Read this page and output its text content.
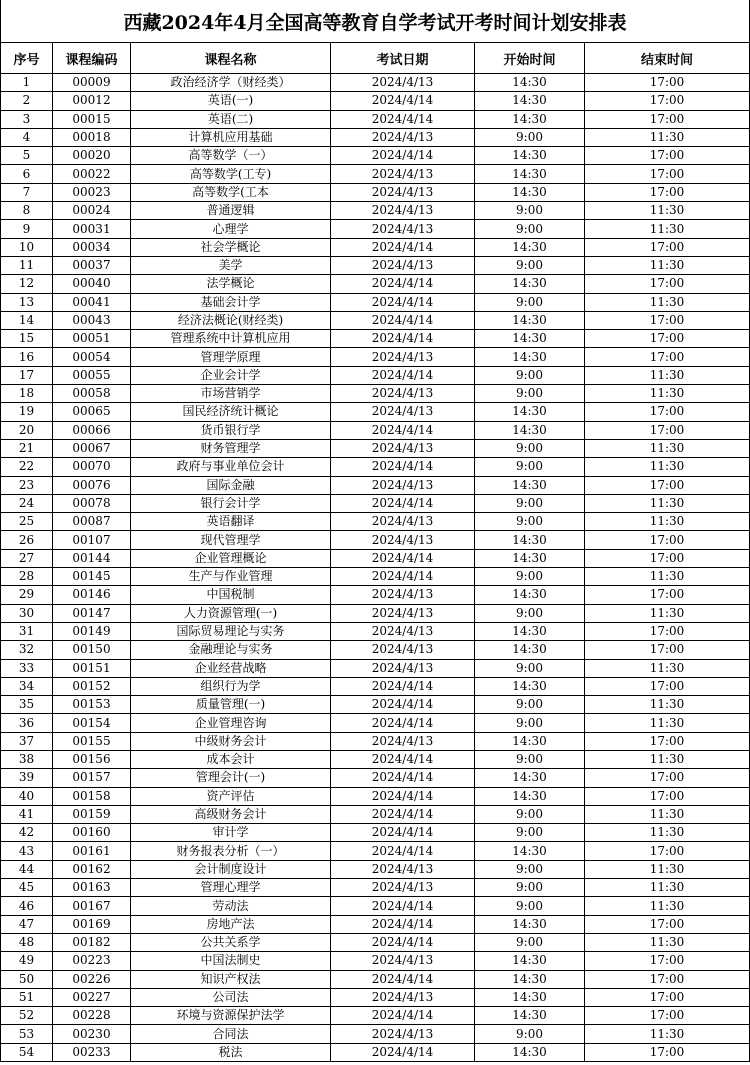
西藏2024年4月全国高等教育自学考试开考时间计划安排表					
序号	课程编码	课程名称	考试日期	开始时间	结束时间
1	00009	政治经济学（财经类）	2024/4/13	14:30	17:00
2	00012	英语(一)	2024/4/14	14:30	17:00
3	00015	英语(二)	2024/4/14	14:30	17:00
4	00018	计算机应用基础	2024/4/13	9:00	11:30
5	00020	高等数学（一）	2024/4/14	14:30	17:00
6	00022	高等数学(工专)	2024/4/13	14:30	17:00
7	00023	高等数学(工本	2024/4/13	14:30	17:00
8	00024	普通逻辑	2024/4/13	9:00	11:30
9	00031	心理学	2024/4/13	9:00	11:30
10	00034	社会学概论	2024/4/14	14:30	17:00
11	00037	美学	2024/4/13	9:00	11:30
12	00040	法学概论	2024/4/14	14:30	17:00
13	00041	基础会计学	2024/4/14	9:00	11:30
14	00043	经济法概论(财经类)	2024/4/14	14:30	17:00
15	00051	管理系统中计算机应用	2024/4/14	14:30	17:00
16	00054	管理学原理	2024/4/13	14:30	17:00
17	00055	企业会计学	2024/4/14	9:00	11:30
18	00058	市场营销学	2024/4/13	9:00	11:30
19	00065	国民经济统计概论	2024/4/13	14:30	17:00
20	00066	货币银行学	2024/4/14	14:30	17:00
21	00067	财务管理学	2024/4/13	9:00	11:30
22	00070	政府与事业单位会计	2024/4/14	9:00	11:30
23	00076	国际金融	2024/4/13	14:30	17:00
24	00078	银行会计学	2024/4/14	9:00	11:30
25	00087	英语翻译	2024/4/13	9:00	11:30
26	00107	现代管理学	2024/4/13	14:30	17:00
27	00144	企业管理概论	2024/4/14	14:30	17:00
28	00145	生产与作业管理	2024/4/14	9:00	11:30
29	00146	中国税制	2024/4/13	14:30	17:00
30	00147	人力资源管理(一)	2024/4/13	9:00	11:30
31	00149	国际贸易理论与实务	2024/4/13	14:30	17:00
32	00150	金融理论与实务	2024/4/13	14:30	17:00
33	00151	企业经营战略	2024/4/13	9:00	11:30
34	00152	组织行为学	2024/4/14	14:30	17:00
35	00153	质量管理(一)	2024/4/14	9:00	11:30
36	00154	企业管理咨询	2024/4/14	9:00	11:30
37	00155	中级财务会计	2024/4/13	14:30	17:00
38	00156	成本会计	2024/4/14	9:00	11:30
39	00157	管理会计(一)	2024/4/14	14:30	17:00
40	00158	资产评估	2024/4/14	14:30	17:00
41	00159	高级财务会计	2024/4/14	9:00	11:30
42	00160	审计学	2024/4/14	9:00	11:30
43	00161	财务报表分析（一）	2024/4/14	14:30	17:00
44	00162	会计制度设计	2024/4/13	9:00	11:30
45	00163	管理心理学	2024/4/13	9:00	11:30
46	00167	劳动法	2024/4/14	9:00	11:30
47	00169	房地产法	2024/4/14	14:30	17:00
48	00182	公共关系学	2024/4/14	9:00	11:30
49	00223	中国法制史	2024/4/13	14:30	17:00
50	00226	知识产权法	2024/4/14	14:30	17:00
51	00227	公司法	2024/4/13	14:30	17:00
52	00228	环境与资源保护法学	2024/4/14	14:30	17:00
53	00230	合同法	2024/4/13	9:00	11:30
54	00233	税法	2024/4/14	14:30	17:00
